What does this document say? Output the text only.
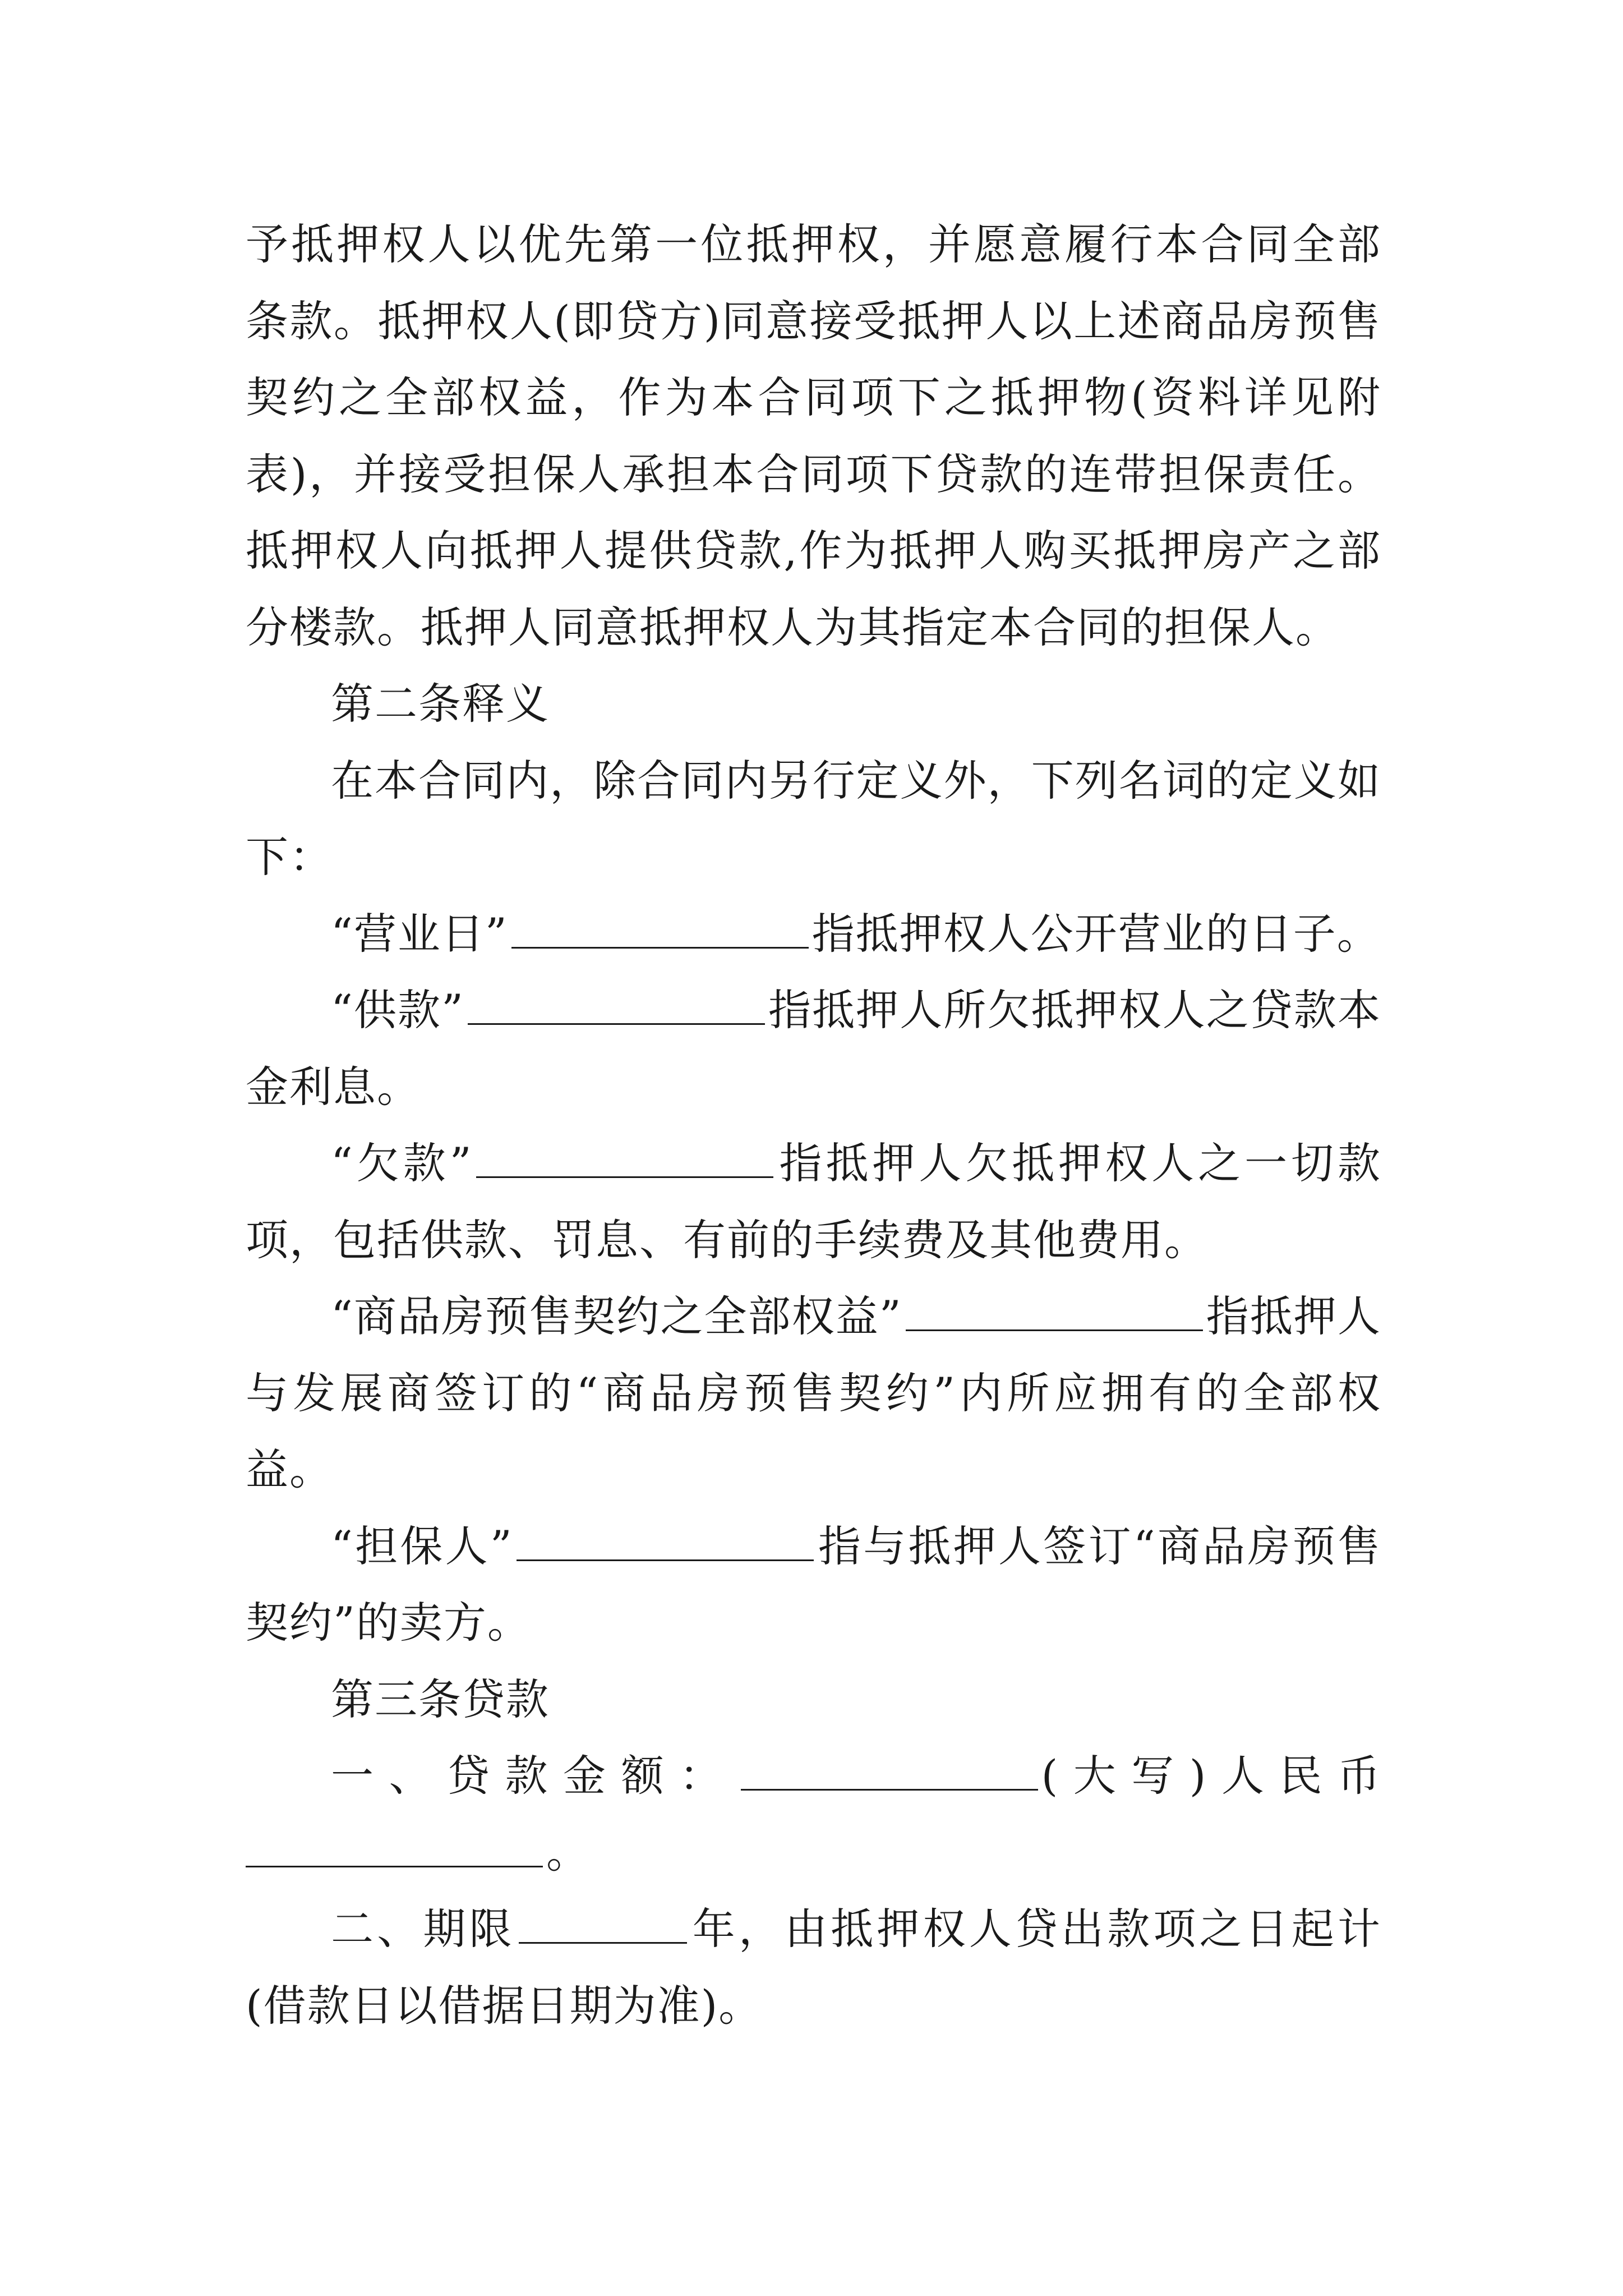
予抵押权人以优先第一位抵押权，并愿意履行本合同全部条款。抵押权人(即贷方)同意接受抵押人以上述商品房预售契约之全部权益，作为本合同项下之抵押物(资料详见附表)，并接受担保人承担本合同项下贷款的连带担保责任。抵押权人向抵押人提供贷款,作为抵押人购买抵押房产之部分楼款。抵押人同意抵押权人为其指定本合同的担保人。

第二条释义

在本合同内，除合同内另行定义外，下列名词的定义如下：

“营业日”	指抵押权人公开营业的日子。

“供款”	指抵押人所欠抵押权人之贷款本金利息。

“欠款”	指抵押人欠抵押权人之一切款项，包括供款、罚息、有前的手续费及其他费用。

“商品房预售契约之全部权益”	指抵押人与发展商签订的“商品房预售契约”内所应拥有的全部权益。

“担保人”	指与抵押人签订“商品房预售契约”的卖方。

第三条贷款

一、贷款金额：	(大写)人民币

。

二、期限	年，由抵押权人贷出款项之日起计(借款日以借据日期为准)。
